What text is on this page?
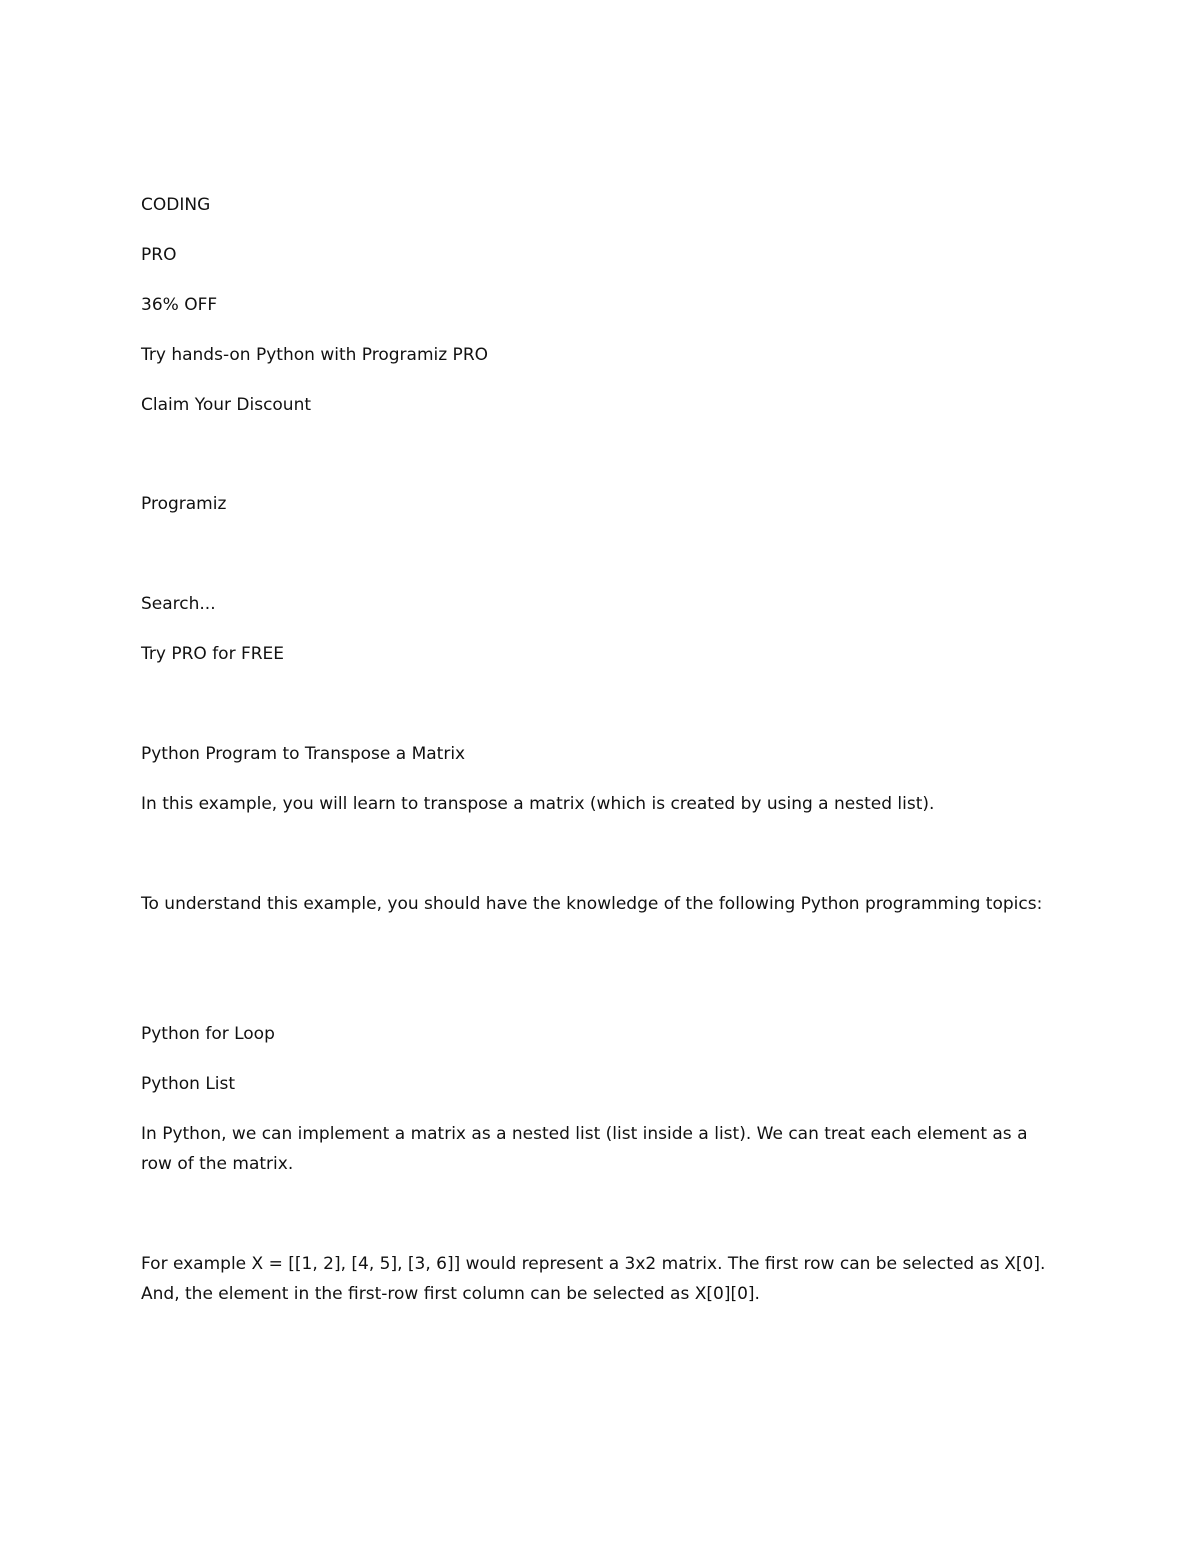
CODING

PRO

36% OFF

Try hands-on Python with Programiz PRO

Claim Your Discount

Programiz

Search...

Try PRO for FREE

Python Program to Transpose a Matrix

In this example, you will learn to transpose a matrix (which is created by using a nested list).

To understand this example, you should have the knowledge of the following Python programming topics:

Python for Loop

Python List

In Python, we can implement a matrix as a nested list (list inside a list). We can treat each element as a row of the matrix.

For example X = [[1, 2], [4, 5], [3, 6]] would represent a 3x2 matrix. The first row can be selected as X[0]. And, the element in the first-row first column can be selected as X[0][0].
